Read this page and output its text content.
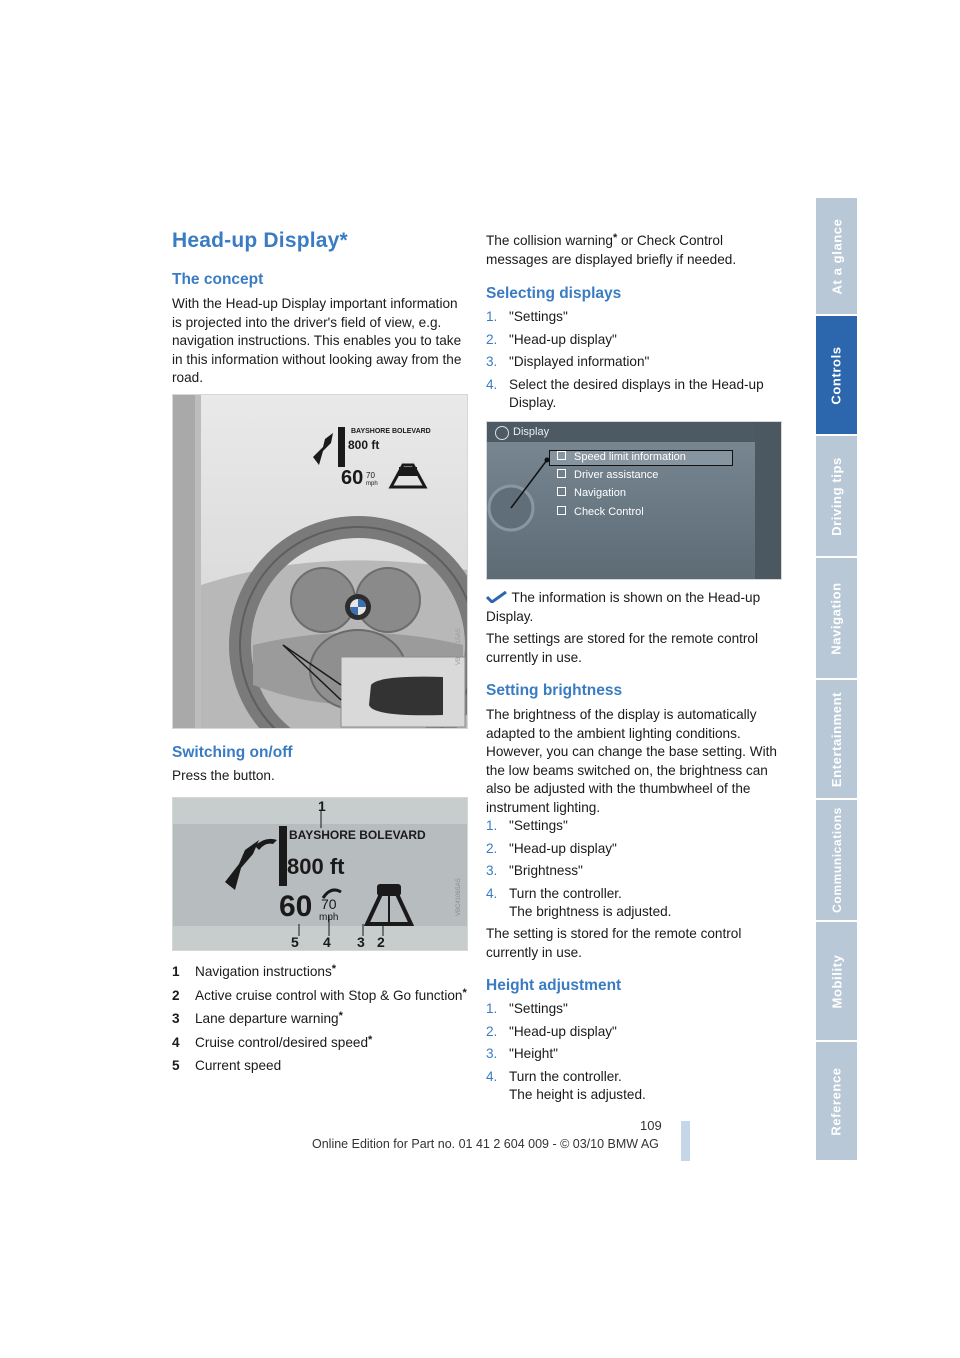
At a glance
Controls
Driving tips
Navigation
Entertainment
Communications
Mobility
Reference
Head-up Display*
The concept
With the Head-up Display important information is projected into the driver's field of view, e.g. navigation instructions. This enables you to take in this information without looking away from the road.
BAYSHORE BOLEVARD
800 ft
60 70
mph
VBC5111SAS
Switching on/off
Press the button.
1
BAYSHORE BOLEVARD
800 ft
60 70
mph
5 4 3 2
VBC4106SAS
1 Navigation instructions*
2 Active cruise control with Stop & Go function*
3 Lane departure warning*
4 Cruise control/desired speed*
5 Current speed
The collision warning* or Check Control messages are displayed briefly if needed.
Selecting displays
1. "Settings"
2. "Head-up display"
3. "Displayed information"
4. Select the desired displays in the Head-up Display.
Display
Speed limit information
Driver assistance
Navigation
Check Control
The information is shown on the Head-up Display.
The settings are stored for the remote control currently in use.
Setting brightness
The brightness of the display is automatically adapted to the ambient lighting conditions. However, you can change the base setting. With the low beams switched on, the brightness can also be adjusted with the thumbwheel of the instrument lighting.
1. "Settings"
2. "Head-up display"
3. "Brightness"
4. Turn the controller.
The brightness is adjusted.
The setting is stored for the remote control currently in use.
Height adjustment
1. "Settings"
2. "Head-up display"
3. "Height"
4. Turn the controller.
The height is adjusted.
109
Online Edition for Part no. 01 41 2 604 009 - © 03/10 BMW AG
